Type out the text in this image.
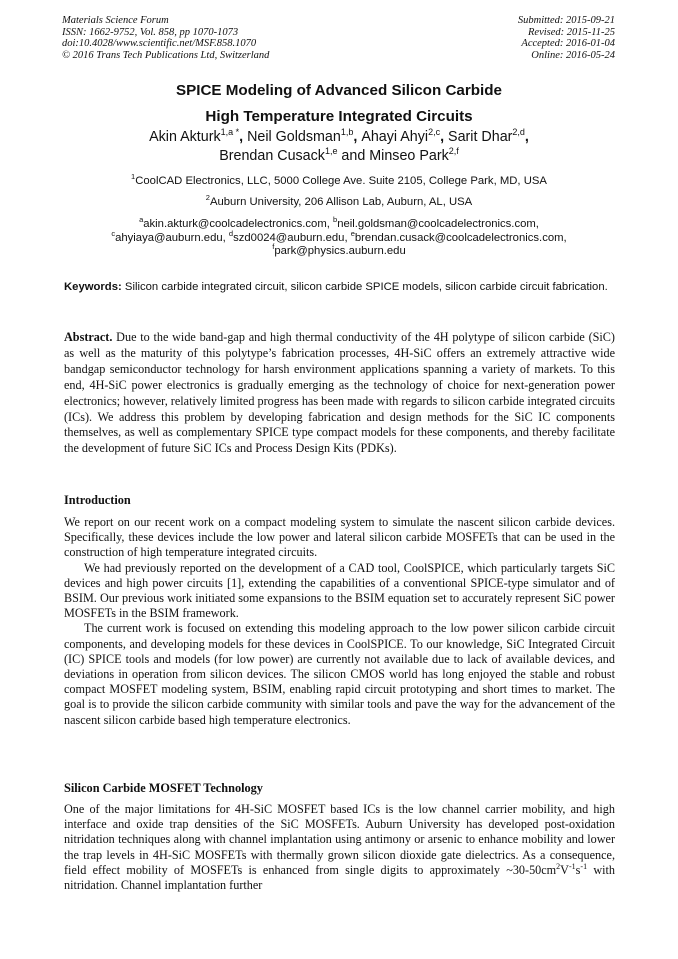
Materials Science Forum
ISSN: 1662-9752, Vol. 858, pp 1070-1073
doi:10.4028/www.scientific.net/MSF.858.1070
© 2016 Trans Tech Publications Ltd, Switzerland
Submitted: 2015-09-21
Revised: 2015-11-25
Accepted: 2016-01-04
Online: 2016-05-24
SPICE Modeling of Advanced Silicon Carbide
High Temperature Integrated Circuits
Akin Akturk$^{1,a *}$, Neil Goldsman$^{1,b}$, Ahayi Ahyi$^{2,c}$, Sarit Dhar$^{2,d}$,
Brendan Cusack$^{1,e}$ and Minseo Park$^{2,f}$
$^1$CoolCAD Electronics, LLC, 5000 College Ave. Suite 2105, College Park, MD, USA
$^2$Auburn University, 206 Allison Lab, Auburn, AL, USA
$^a$akin.akturk@coolcadelectronics.com, $^b$neil.goldsman@coolcadelectronics.com,
$^c$ahyiaya@auburn.edu, $^d$szd0024@auburn.edu, $^e$brendan.cusack@coolcadelectronics.com,
$^f$park@physics.auburn.edu
Keywords: Silicon carbide integrated circuit, silicon carbide SPICE models, silicon carbide circuit fabrication.
Abstract. Due to the wide band-gap and high thermal conductivity of the 4H polytype of silicon carbide (SiC) as well as the maturity of this polytype’s fabrication processes, 4H-SiC offers an extremely attractive wide bandgap semiconductor technology for harsh environment applications spanning a variety of markets. To this end, 4H-SiC power electronics is gradually emerging as the technology of choice for next-generation power electronics; however, relatively limited progress has been made with regards to silicon carbide integrated circuits (ICs). We address this problem by developing fabrication and design methods for the SiC IC components themselves, as well as complementary SPICE type compact models for these components, and thereby facilitate the development of future SiC ICs and Process Design Kits (PDKs).
Introduction

We report on our recent work on a compact modeling system to simulate the nascent silicon carbide devices. Specifically, these devices include the low power and lateral silicon carbide MOSFETs that can be used in the construction of high temperature integrated circuits.

We had previously reported on the development of a CAD tool, CoolSPICE, which particularly targets SiC devices and high power circuits [1], extending the capabilities of a conventional SPICE-type simulator and of BSIM. Our previous work initiated some expansions to the BSIM equation set to accurately represent SiC power MOSFETs in the BSIM framework.

The current work is focused on extending this modeling approach to the low power silicon carbide circuit components, and developing models for these devices in CoolSPICE. To our knowledge, SiC Integrated Circuit (IC) SPICE tools and models (for low power) are currently not available due to lack of available devices, and deviations in operation from silicon devices. The silicon CMOS world has long enjoyed the stable and robust compact MOSFET modeling system, BSIM, enabling rapid circuit prototyping and short times to market. The goal is to provide the silicon carbide community with similar tools and pave the way for the advancement of the nascent silicon carbide based high temperature electronics.

Silicon Carbide MOSFET Technology

One of the major limitations for 4H-SiC MOSFET based ICs is the low channel carrier mobility, and high interface and oxide trap densities of the SiC MOSFETs. Auburn University has developed post-oxidation nitridation techniques along with channel implantation using antimony or arsenic to enhance mobility and lower the trap levels in 4H-SiC MOSFETs with thermally grown silicon dioxide gate dielectrics. As a consequence, field effect mobility of MOSFETs is enhanced from single digits to approximately $\sim 30-50cm^2V^{-1}s^{-1}$ with nitridation. Channel implantation further
